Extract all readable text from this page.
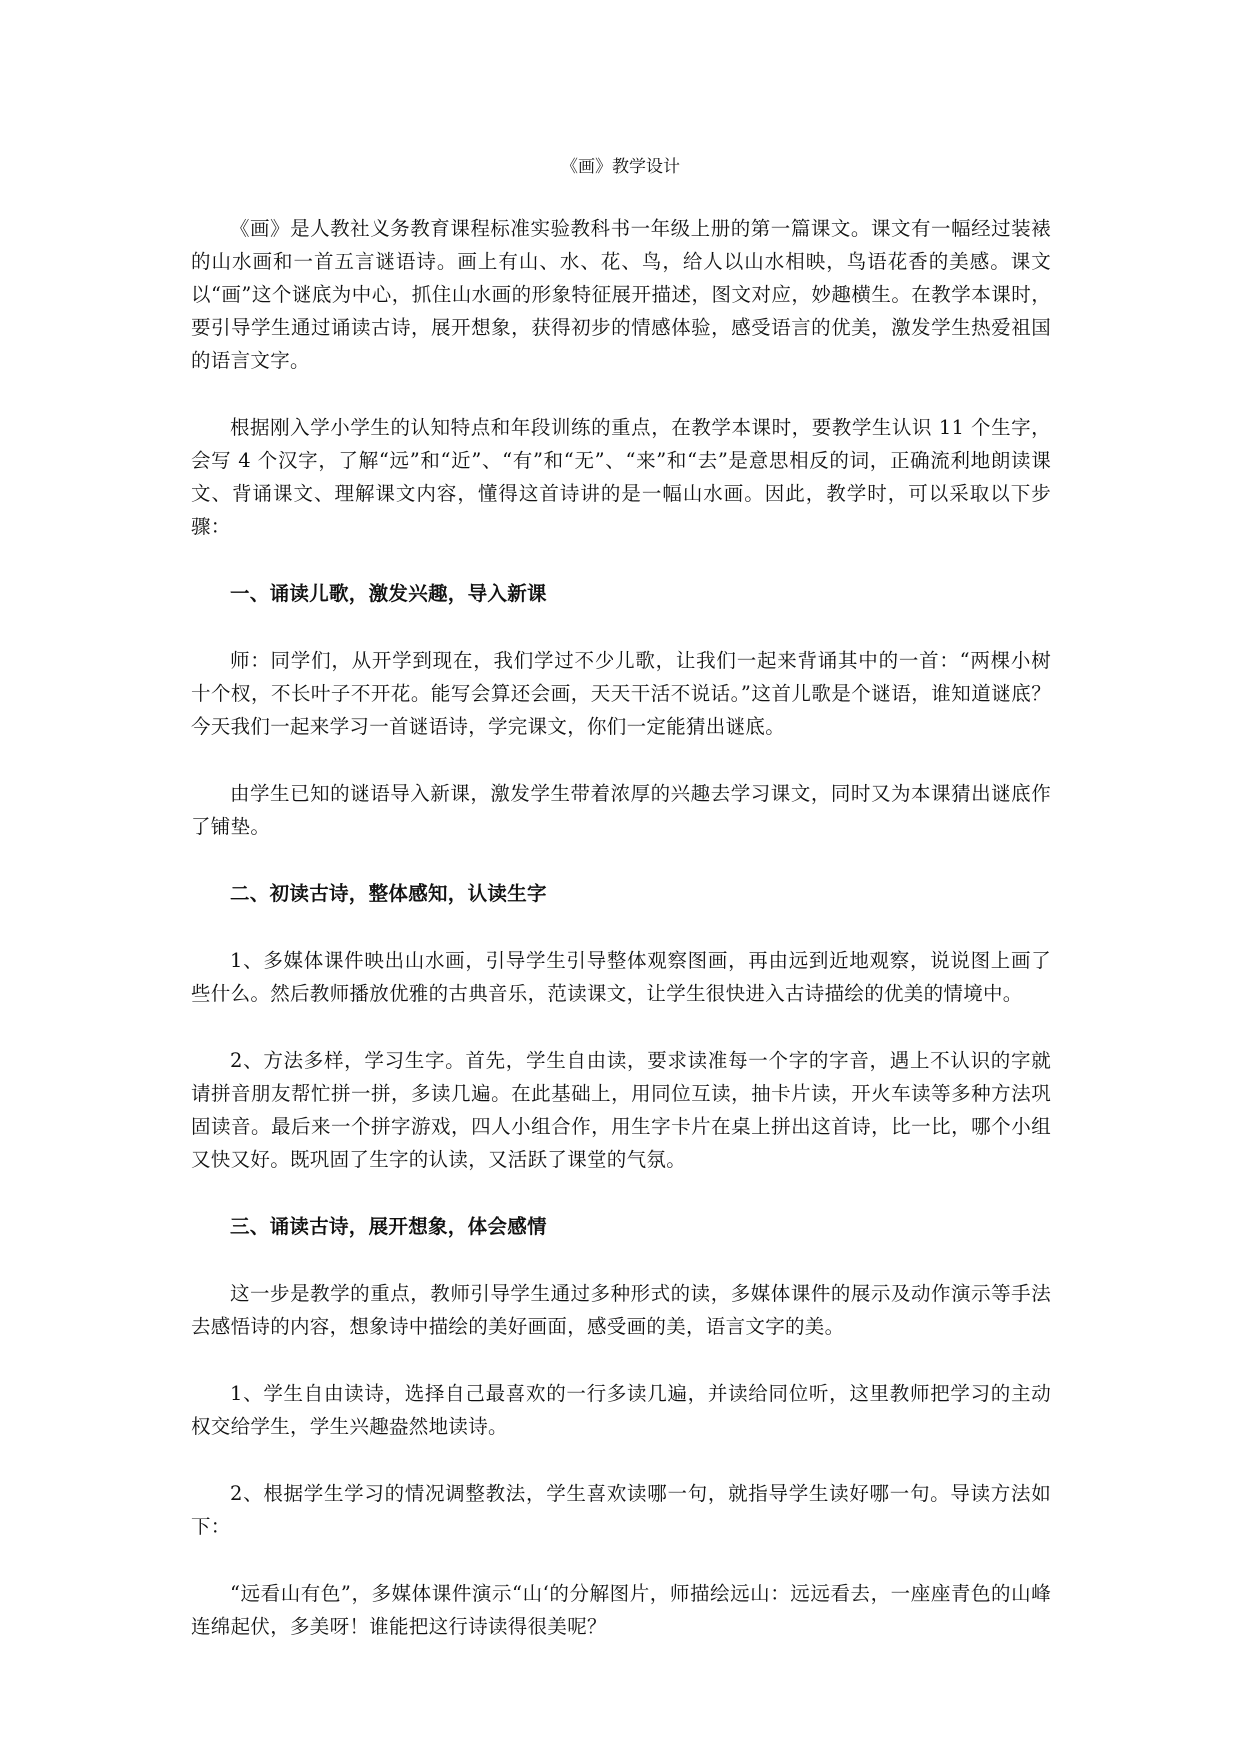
《画》教学设计

《画》是人教社义务教育课程标准实验教科书一年级上册的第一篇课文。课文有一幅经过装裱的山水画和一首五言谜语诗。画上有山、水、花、鸟，给人以山水相映，鸟语花香的美感。课文以“画”这个谜底为中心，抓住山水画的形象特征展开描述，图文对应，妙趣横生。在教学本课时，要引导学生通过诵读古诗，展开想象，获得初步的情感体验，感受语言的优美，激发学生热爱祖国的语言文字。

根据刚入学小学生的认知特点和年段训练的重点，在教学本课时，要教学生认识 11 个生字，会写 4 个汉字，了解“远”和“近”、“有”和“无”、“来”和“去”是意思相反的词，正确流利地朗读课文、背诵课文、理解课文内容，懂得这首诗讲的是一幅山水画。因此，教学时，可以采取以下步骤：

一、诵读儿歌，激发兴趣，导入新课

师：同学们，从开学到现在，我们学过不少儿歌，让我们一起来背诵其中的一首：“两棵小树十个杈，不长叶子不开花。能写会算还会画，天天干活不说话。”这首儿歌是个谜语，谁知道谜底？今天我们一起来学习一首谜语诗，学完课文，你们一定能猜出谜底。

由学生已知的谜语导入新课，激发学生带着浓厚的兴趣去学习课文，同时又为本课猜出谜底作了铺垫。

二、初读古诗，整体感知，认读生字

1、多媒体课件映出山水画，引导学生引导整体观察图画，再由远到近地观察，说说图上画了些什么。然后教师播放优雅的古典音乐，范读课文，让学生很快进入古诗描绘的优美的情境中。

2、方法多样，学习生字。首先，学生自由读，要求读准每一个字的字音，遇上不认识的字就请拼音朋友帮忙拼一拼，多读几遍。在此基础上，用同位互读，抽卡片读，开火车读等多种方法巩固读音。最后来一个拼字游戏，四人小组合作，用生字卡片在桌上拼出这首诗，比一比，哪个小组又快又好。既巩固了生字的认读，又活跃了课堂的气氛。

三、诵读古诗，展开想象，体会感情

这一步是教学的重点，教师引导学生通过多种形式的读，多媒体课件的展示及动作演示等手法去感悟诗的内容，想象诗中描绘的美好画面，感受画的美，语言文字的美。

1、学生自由读诗，选择自己最喜欢的一行多读几遍，并读给同位听，这里教师把学习的主动权交给学生，学生兴趣盎然地读诗。

2、根据学生学习的情况调整教法，学生喜欢读哪一句，就指导学生读好哪一句。导读方法如下：

“远看山有色”，多媒体课件演示“山‘的分解图片，师描绘远山：远远看去，一座座青色的山峰连绵起伏，多美呀！谁能把这行诗读得很美呢？
